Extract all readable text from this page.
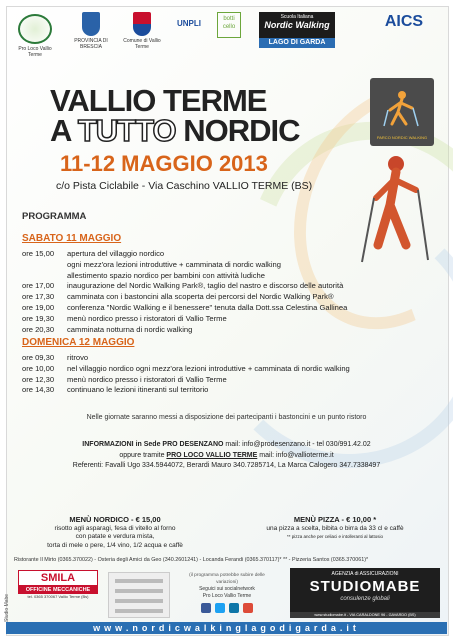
Pro Loco Vallio Terme
PROVINCIA DI BRESCIA
Comune di Vallio Terme
UNPLI	botti cello
Scuola Italiana
Nordic Walking
LAGO DI GARDA
AICS
VALLIO TERME
A TUTTO NORDIC
11-12 MAGGIO 2013
c/o Pista Ciclabile - Via Caschino VALLIO TERME (BS)
PARCO NORDIC WALKING
PROGRAMMA
SABATO 11 MAGGIO
ore 15,00	apertura del villaggio nordico
ogni mezz'ora lezioni introduttive + camminata di nordic walking
allestimento spazio nordico per bambini con attività ludiche
ore 17,00	inaugurazione del Nordic Walking Park®, taglio del nastro e discorso delle autorità
ore 17,30	camminata con i bastoncini alla scoperta dei percorsi del Nordic Walking Park®
ore 19,00	conferenza "Nordic Walking e il benessere" tenuta dalla Dott.ssa Celestina Gallinea
ore 19,30	menù nordico presso i ristoratori di Vallio Terme
ore 20,30	camminata notturna di nordic walking
DOMENICA 12 MAGGIO
ore 09,30	ritrovo
ore 10,00	nel villaggio nordico ogni mezz'ora lezioni introduttive + camminata di nordic walking
ore 12,30	menù nordico presso i ristoratori di Vallio Terme
ore 14,30	continuano le lezioni itineranti sul territorio
Nelle giornate saranno messi a disposizione dei partecipanti i bastoncini e un punto ristoro
INFORMAZIONI in Sede PRO DESENZANO mail: info@prodesenzano.it - tel 030/991.42.02
oppure tramite PRO LOCO VALLIO TERME mail: info@vallioterme.it
Referenti: Favalli Ugo 334.5944072, Berardi Mauro 340.7285714, La Marca Calogero 347.7338497
MENÙ NORDICO - € 15,00
risotto agli asparagi, fesa di vitello al forno
con patate e verdura mista,
torta di mele o pere, 1/4 vino, 1/2 acqua e caffè
MENÙ PIZZA - € 10,00 *
una pizza a scelta, bibita o birra da 33 cl e caffè
** pizza anche per celiaci e intolleranti al lattosio
Ristorante Il Mirto (0365.370022) - Osteria degli Amici da Geo (340.2601241) - Locanda Ferandi (0365.370117)* ** - Pizzeria Santos (0365.370061)*
Studio Mabe
SMILA
OFFICINE MECCANICHE
tel. 0365 370067 Vallio Terme (Bs)
(il programma potrebbe subire delle variazioni)
Seguici sui socialnetwork
Pro Loco Vallio Terme
AGENZIA di ASSICURAZIONI
STUDIOMABE
consulenze globali
www.studiomabe.it - VIA CARALDONE 96 - GAVARDO (BS)
www.nordicwalkinglagodigarda.it
